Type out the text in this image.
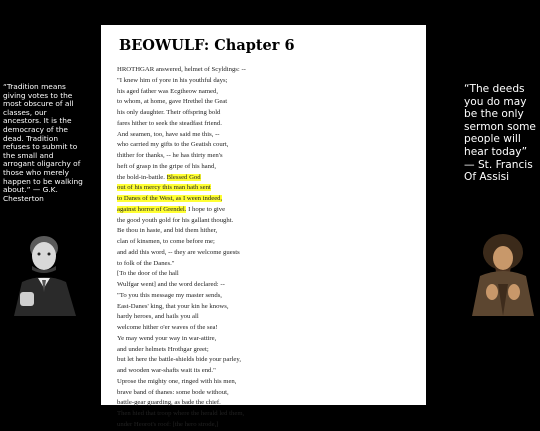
“Tradition means giving votes to the most obscure of all classes, our ancestors. It is the democracy of the dead. Tradition refuses to submit to the small and arrogant oligarchy of those who merely happen to be walking about.” — G.K. Chesterton
“The deeds you do may be the only sermon some people will hear today” — St. Francis Of Assisi
BEOWULF: Chapter 6
HROTHGAR answered, helmet of Scyldings: --
"I knew him of yore in his youthful days;
his aged father was Ecgtheow named,
to whom, at home, gave Hrethel the Geat
his only daughter. Their offspring bold
fares hither to seek the steadfast friend.
And seamen, too, have said me this, --
who carried my gifts to the Geatish court,
thither for thanks, -- he has thirty men's
heft of grasp in the gripe of his hand,
the bold-in-battle. Blessed God
out of his mercy this man hath sent
to Danes of the West, as I ween indeed,
against horror of Grendel. I hope to give
the good youth gold for his gallant thought.
Be thou in haste, and bid them hither,
clan of kinsmen, to come before me;
and add this word, -- they are welcome guests
to folk of the Danes."
[To the door of the hall
Wulfgar went] and the word declared: --
"To you this message my master sends,
East-Danes' king, that your kin he knows,
hardy heroes, and hails you all
welcome hither o'er waves of the sea!
Ye may wend your way in war-attire,
and under helmets Hrothgar greet;
but let here the battle-shields bide your parley,
and wooden war-shafts wait its end."
Uprose the mighty one, ringed with his men,
brave band of thanes: some bode without,
battle-gear guarding, as bade the chief.
Then hied that troop where the herald led them,
under Heorot's roof: [the hero strode,]
